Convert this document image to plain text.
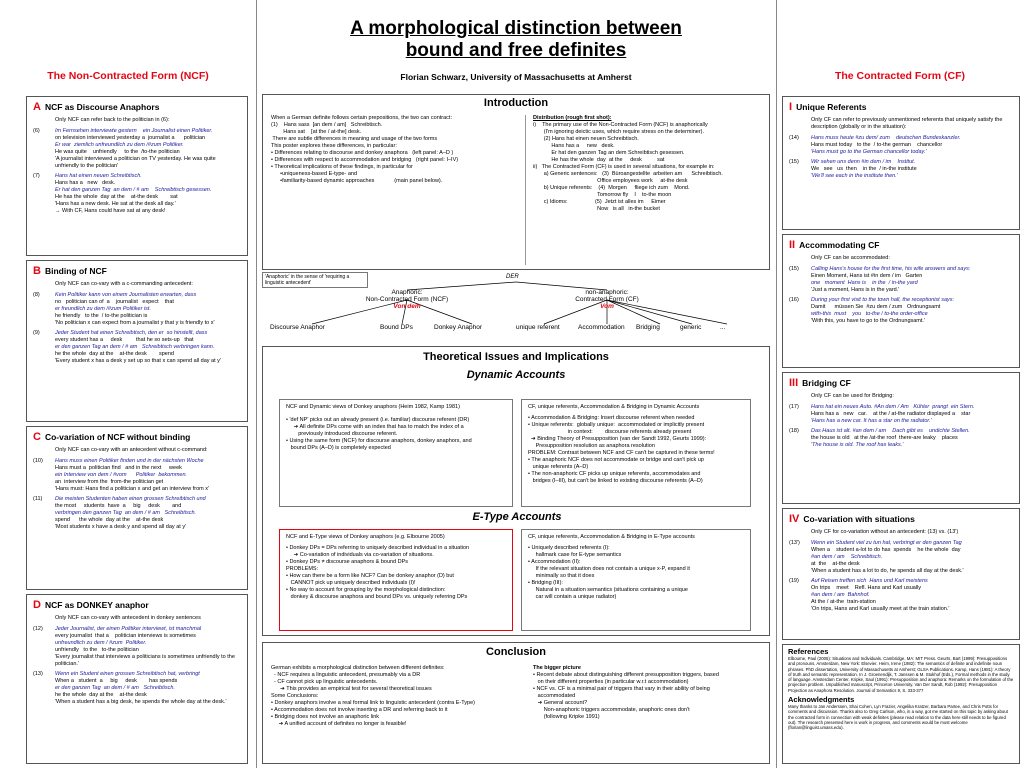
A morphological distinction between
bound and free definites
Florian Schwarz, University of Massachusetts at Amherst
The Non-Contracted Form (NCF)
A NCF as Discourse Anaphors
Only NCF can refer back to the politician in (6):
(6)	Im Fernsehen interviewte gestern    ein Journalist einen Politiker.
on television interviewed yesterday a  journalist a      politician
Er war  ziemlich unfreundlich zu dem /#zum Politiker.
He was quite    unfriendly     to the  /to-the politician
'A journalist interviewed a politician on TV yesterday. He was quite unfriendly to the politician'
(7)	Hans hat einen neuen Schreibtisch.
Hans has a   new   desk.
Er hat den ganzen Tag  an dem / # am    Schreibtisch gesessen.
He has the whole  day at the    at-the desk        sat
'Hans has a new desk. He sat at the desk all day.'
→ With CF, Hans could have sat at any desk!
B Binding of NCF
Only NCF can co-vary with a c-commanding antecedent:
(8)	Kein Politiker kann von einem Journalisten erwarten, dass
no   politician can of  a    journalist   expect    that
er freundlich zu dem /#zum Politiker ist.
he friendly   to the  / to-the politician is
'No politician x can expect from a journalist y that y is friendly to x'
(9)	Jeder Student hat einen Schreibtisch, den er  so hinstellt, dass
every student has a     desk         that he so sets-up   that
er den ganzen Tag an dem / # am   Schreibtisch verbringen kann.
he the whole  day at the    at-the desk        spend
'Every student x has a desk y set up so that x can spend all day at y'
C Co-variation of NCF without binding
Only NCF can co-vary with an antecedent without c-command:
(10) Hans muss einen Politiker finden und in der nächsten Woche
Hans must a  politician find   and in the next     week
ein Interview von dem / #vom      Politiker  bekommen.
an  interview from the  from-the politician get
'Hans must: Hans find a politician x and get an interview from x'
(11) Die meisten Studenten haben einen grossen Schreibtisch und
the most     students  have  a     big     desk        and
verbringen den ganzen Tag  an dem / # am   Schreibtisch.
spend      the whole  day at the    at-the desk
'Most students x have a desk y and spend all day at y'
D NCF as DONKEY anaphor
Only NCF can co-vary with antecedent in donkey sentences
(12) Jeder Journalist, der einen Politiker interviewt, ist manchmal
every journalist  that a    politician interviews is sometimes
unfreundlich zu dem / #zum  Politiker.
unfriendly   to the   to-the politician
'Every journalist that interviews a politicians is sometimes unfriendly to the politician.'
(13) Wenn ein Student einen grossen Schreibtisch hat, verbringt
When a   student  a     big     desk        has spends
er den ganzen Tag  an dem / # am   Schreibtisch.
he the whole  day at the    at-the desk
'When a student has a big desk, he spends the whole day at the desk.'
The Contracted Form (CF)
I Unique Referents
Only CF can refer to previously unmentioned referents that uniquely satisfy the description (globally or in the situation):
(14) Hans muss heute #zu dem/ zum    deutschen Bundeskanzler.
Hans must today   to the  / to-the german    chancellor
'Hans must go to the German chancellor today.'
(15) Wir sehen uns denn #in dem / im    Institut.
We   see   us  then    in the  / in-the institute
'We'll see each in the institute then.'
II Accommodating CF
Only CF can be accommodated:
(15) Calling Hans's house for the first time, his wife answers and says:
Einen Moment, Hans ist #in dem / im   Garten
one   moment  Hans is    in the  / in-the yard
'Just a moment, Hans is in the yard.'
(16) During your first visit to the town hall, the receptionist says:
Damit      müssen Sie  #zu dem / zum   Ordnungsamt
with-this  must    you   to-the / to-the order-office
'With this, you have to go to the Ordnungsamt.'
III Bridging CF
Only CF can be used for Bridging:
(17) Hans hat ein neues Auto. #An dem / Am   Kühler  prangt  ein Stern.
Hans has a   new   car.    at the / at-the radiator displayed a    star
'Hans has a new car. It has a star on the radiator.'
(18) Das Haus ist alt. #an dem / am    Dach gibt es    undichte Stellen.
the house is old   at the /at-the roof  there-are leaky    places
'The house is old. The roof has leaks.'
IV Co-variation with situations
Only CF for co-variation without an antecedent: (13) vs. (13')
(13') Wenn ein Student viel zu tun hat, verbringt er den ganzen Tag
When a    student a-lot to do has  spends    he the whole  day
#an dem / am    Schreibtisch.
at  the    at-the desk
'When a student has a lot to do, he spends all day at the desk.'
(19) Auf Reisen treffen sich  Hans und Karl meistens
On trips    meet    Refl. Hans and Karl usually
#an dem / am  Bahnhof.
At the / at-the  train-station
'On trips, Hans and Karl usually meet at the train station.'
Introduction
When a German definite follows certain prepositions, the two can contract:
(1)    Hans sass  [an dem / am]   Schreibtisch.
Hans sat    [at the / at-the] desk.
There are subtle differences in meaning and usage of the two forms
This poster explores these differences, in particular:
• Differences relating to discourse and donkey anaphora   (left panel: A–D )
• Differences with respect to accommodation and bridging   (right panel: I–IV)
• Theoretical implications of these findings, in particular for
•uniqueness-based E-type- and
•familiarity-based dynamic approaches             (main panel below).
Distribution (rough first shot):
i)    The primary use of the Non-Contracted Form (NCF) is anaphorically
(I'm ignoring deictic uses, which require stress on the determiner).
(2) Hans hat einen neuen Schreibtisch.
Hans has a     new   desk.
Er hat den ganzen Tag an dem Schreibtisch gesessen.
He has the whole  day  at the     desk          sat
ii)   The Contracted Form (CF) is used in several situations, for example in:
a) Generic sentences:   (3)  Büroangestellte  arbeiten am      Schreibtisch.
Office employees work     at-the desk
b) Unique referents:    (4)  Morgen     fliege ich zum    Mond.
Tomorrow fly    I    to-the moon
c) Idioms:                  (5)  Jetzt ist alles im     Eimer
Now   is all   in-the bucket
DER
'Anaphoric' in the sense of 'requiring a linguistic antecedent'
Anaphoric:
Non-Contracted Form (NCF)
Von dem
non-anaphoric:
Contracted Form (CF)
Vom
Discourse Anaphor	Bound DPs	Donkey Anaphor	unique referent	Accommodation Bridging	generic	...
Theoretical Issues and Implications
Dynamic Accounts
NCF and Dynamic views of Donkey anaphors (Heim 1982, Kamp 1981)
• 'def NP' picks out an already present (i.e. familiar) discourse referent (DR)
➔ All definite DPs come with an index that has to match the index of a
previously introduced discourse referent.
• Using the same form (NCF) for discourse anaphors, donkey anaphors, and
bound DPs (A–D) is completely expected
CF, unique referents, Accommodation & Bridging in Dynamic Accounts
• Accommodation & Bridging: Insert discourse referent when needed
• Unique referents:  globally unique:  accommodated or implicitly present
in context:        discourse referents already present
➔ Binding Theory of Presupposition (van der Sandt 1992, Geurts 1999):
Presupposition resolution as anaphora resolution
PROBLEM: Contrast between NCF and CF can't be captured in these terms!
• The anaphoric NCF does not accommodate or bridge and can't pick up
unique referents (A–D)
• The non-anaphoric CF picks up unique referents, accommodates and
bridges (I–III), but can't be linked to existing discourse referents (A–D)
E-Type Accounts
NCF and E-Type views of Donkey anaphors (e.g. Elbourne 2005)
• Donkey DPs = DPs referring to uniquely described individual in a situation
➔ Co-variation of individuals via co-variation of situations.
• Donkey DPs ≠ discourse anaphors & bound DPs
PROBLEMS:
• How can there be a form like NCF? Can be donkey anaphor (D) but
CANNOT pick up uniquely described individuals (I)!
• No way to account for grouping by the morphological distinction:
donkey & discourse anaphora and bound DPs vs. uniquely referring DPs
CF, unique referents, Accommodation & Bridging in E-Type accounts
• Uniquely described referents (I):
hallmark case for E-type semantics
• Accommodation (II):
If the relevant situation does not contain a unique x-P, expand it
minimally so that it does
• Bridging (III):
Natural in a situation semantics (situations containing a unique
car will contain a unique radiator)
Conclusion
German exhibits a morphological distinction between different definites:
- NCF requires a linguistic antecedent, presumably via a DR
- CF cannot pick up linguistic antecedents.
➔ This provides an empirical test for several theoretical issues
Some Conclusions:
• Donkey anaphors involve a real formal link to linguistic antecedent (contra E-Type)
• Accommodation does not involve inserting a DR and referring back to it
• Bridging does not involve an anaphoric link
➔ A unified account of definites no longer is feasible!
The bigger picture
• Recent debate about distinguishing different presupposition triggers, based
on their different properties (in particular w.r.t accommodation)
• NCF vs. CF is a minimal pair of triggers that vary in their ability of being
accommodated
➔ General account?
Non-anaphoric triggers accommodate, anaphoric ones don't
(following Kripke 1991)
References
Elbourne, Paul (2005): Situations and Individuals. Cambridge, MA: MIT Press. Geurts, Bart (1999): Presuppositions and pronouns. Amsterdam, New York: Elsevier. Heim, Irene (1982): The semantics of definite and indefinite noun phrases. PhD dissertation, University of Massachusetts at Amherst; GLSA Publications. Kamp, Hans (1981): A theory of truth and semantic representation. In J. Groenendijk, T. Janssen & M. Stokhof (Eds.), Formal methods in the study of language. Amsterdam Center. Kripke, Saul (1991): Presupposition and anaphora: Remarks on the formulation of the projection problem. Unpublished manuscript, Princeton University. Van Der Sandt, Rob (1992): Presupposition Projection as Anaphora Resolution. Journal of Semantics 9, S. 333-377
Acknowledgments
Many thanks to Jan Anderssen, Shai Cohen, Lyn Frazier, Angelika Kratzer, Barbara Partee, and Chris Potts for comments and discussion. Thanks also to Greg Carlson, who, in a way, got me started on this topic by asking about the contracted form in connection with weak definites (please read relation to the data here still needs to be figured out). The research presented here is work in progress, and comments would be most welcome (florian@linguist.umass.edu).
